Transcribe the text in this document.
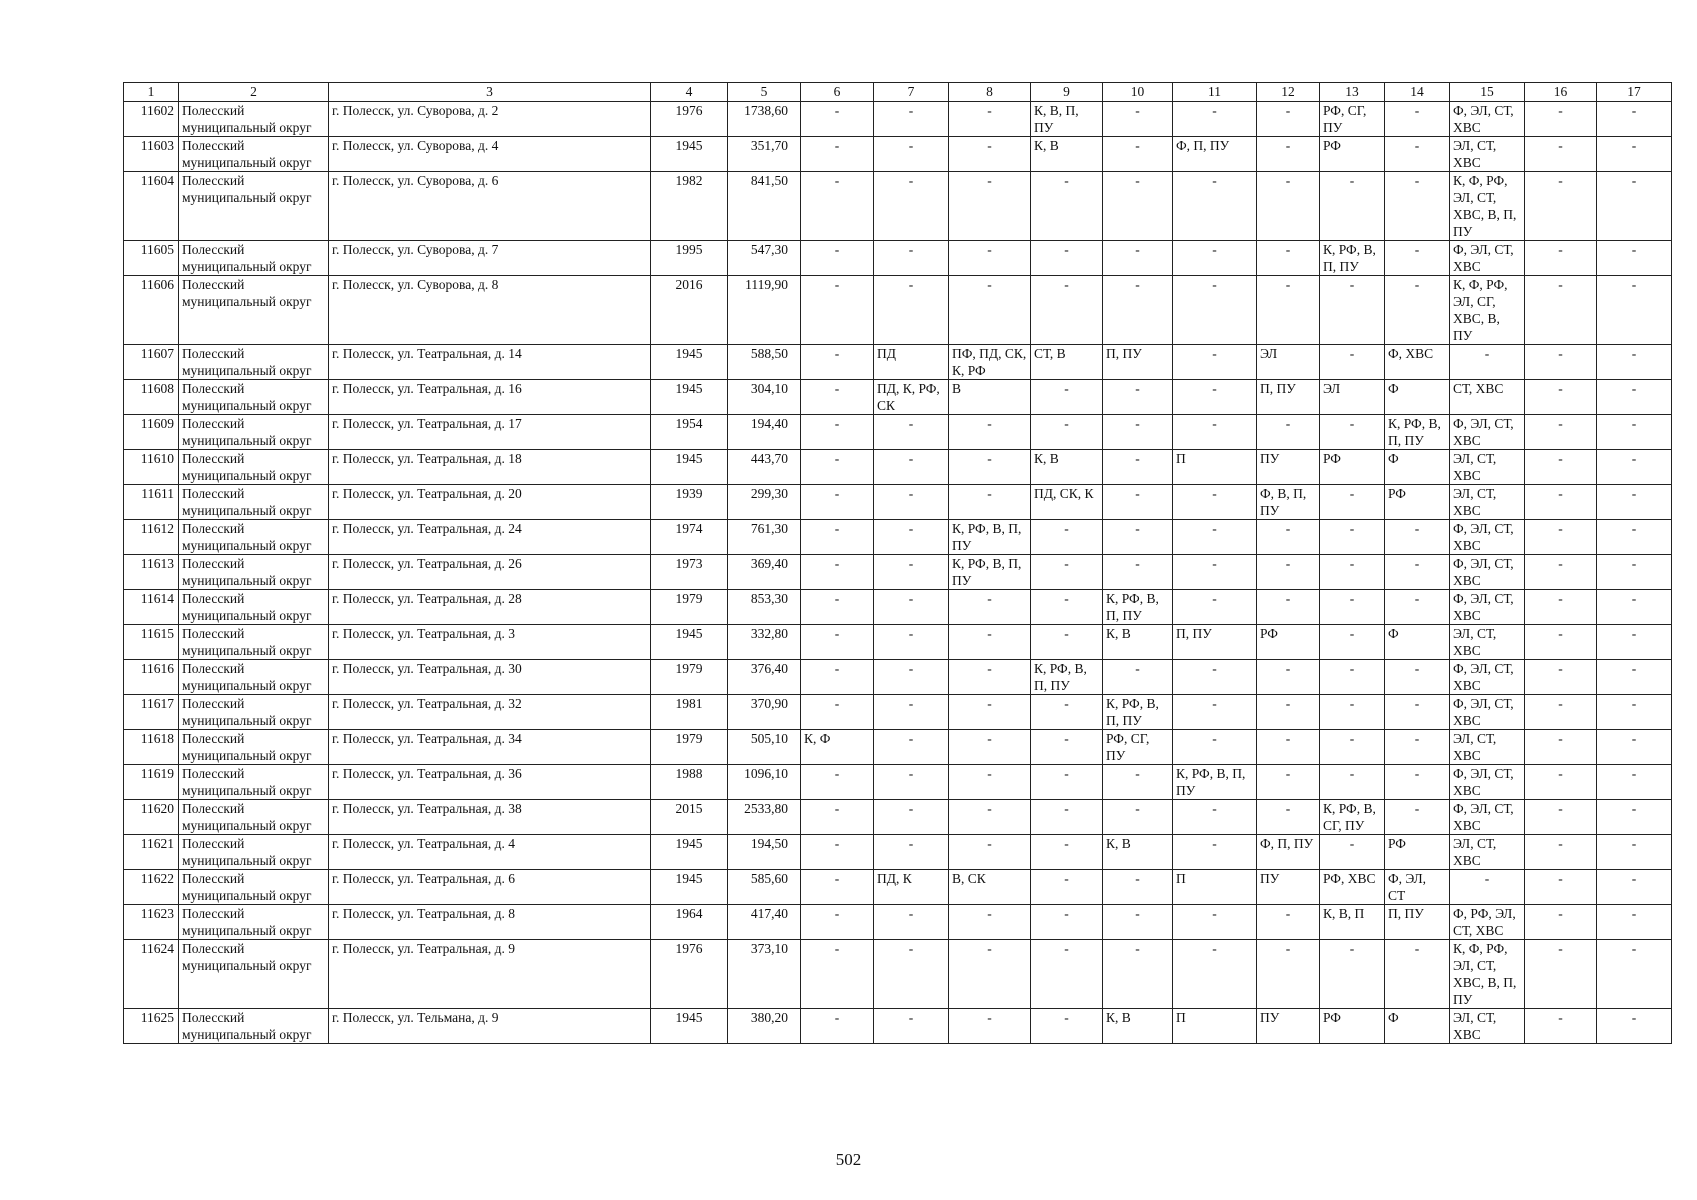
1	2	3	4	5	6	7	8	9	10	11	12	13	14	15	16	17
11602	Полесский муниципальный округ	г. Полесск, ул. Суворова, д. 2	1976	1738,60	-	-	-	К, В, П, ПУ	-	-	-	РФ, СГ, ПУ	-	Ф, ЭЛ, СТ, ХВС	-	-
11603	Полесский муниципальный округ	г. Полесск, ул. Суворова, д. 4	1945	351,70	-	-	-	К, В	-	Ф, П, ПУ	-	РФ	-	ЭЛ, СТ, ХВС	-	-
11604	Полесский муниципальный округ	г. Полесск, ул. Суворова, д. 6	1982	841,50	-	-	-	-	-	-	-	-	-	К, Ф, РФ, ЭЛ, СТ, ХВС, В, П, ПУ	-	-
11605	Полесский муниципальный округ	г. Полесск, ул. Суворова, д. 7	1995	547,30	-	-	-	-	-	-	-	К, РФ, В, П, ПУ	-	Ф, ЭЛ, СТ, ХВС	-	-
11606	Полесский муниципальный округ	г. Полесск, ул. Суворова, д. 8	2016	1119,90	-	-	-	-	-	-	-	-	-	К, Ф, РФ, ЭЛ, СГ, ХВС, В, ПУ	-	-
11607	Полесский муниципальный округ	г. Полесск, ул. Театральная, д. 14	1945	588,50	-	ПД	ПФ, ПД, СК, К, РФ	СТ, В	П, ПУ	-	ЭЛ	-	Ф, ХВС	-	-	-
11608	Полесский муниципальный округ	г. Полесск, ул. Театральная, д. 16	1945	304,10	-	ПД, К, РФ, СК	В	-	-	-	П, ПУ	ЭЛ	Ф	СТ, ХВС	-	-
11609	Полесский муниципальный округ	г. Полесск, ул. Театральная, д. 17	1954	194,40	-	-	-	-	-	-	-	-	К, РФ, В, П, ПУ	Ф, ЭЛ, СТ, ХВС	-	-
11610	Полесский муниципальный округ	г. Полесск, ул. Театральная, д. 18	1945	443,70	-	-	-	К, В	-	П	ПУ	РФ	Ф	ЭЛ, СТ, ХВС	-	-
11611	Полесский муниципальный округ	г. Полесск, ул. Театральная, д. 20	1939	299,30	-	-	-	ПД, СК, К	-	-	Ф, В, П, ПУ	-	РФ	ЭЛ, СТ, ХВС	-	-
11612	Полесский муниципальный округ	г. Полесск, ул. Театральная, д. 24	1974	761,30	-	-	К, РФ, В, П, ПУ	-	-	-	-	-	-	Ф, ЭЛ, СТ, ХВС	-	-
11613	Полесский муниципальный округ	г. Полесск, ул. Театральная, д. 26	1973	369,40	-	-	К, РФ, В, П, ПУ	-	-	-	-	-	-	Ф, ЭЛ, СТ, ХВС	-	-
11614	Полесский муниципальный округ	г. Полесск, ул. Театральная, д. 28	1979	853,30	-	-	-	-	К, РФ, В, П, ПУ	-	-	-	-	Ф, ЭЛ, СТ, ХВС	-	-
11615	Полесский муниципальный округ	г. Полесск, ул. Театральная, д. 3	1945	332,80	-	-	-	-	К, В	П, ПУ	РФ	-	Ф	ЭЛ, СТ, ХВС	-	-
11616	Полесский муниципальный округ	г. Полесск, ул. Театральная, д. 30	1979	376,40	-	-	-	К, РФ, В, П, ПУ	-	-	-	-	-	Ф, ЭЛ, СТ, ХВС	-	-
11617	Полесский муниципальный округ	г. Полесск, ул. Театральная, д. 32	1981	370,90	-	-	-	-	К, РФ, В, П, ПУ	-	-	-	-	Ф, ЭЛ, СТ, ХВС	-	-
11618	Полесский муниципальный округ	г. Полесск, ул. Театральная, д. 34	1979	505,10	К, Ф	-	-	-	РФ, СГ, ПУ	-	-	-	-	ЭЛ, СТ, ХВС	-	-
11619	Полесский муниципальный округ	г. Полесск, ул. Театральная, д. 36	1988	1096,10	-	-	-	-	-	К, РФ, В, П, ПУ	-	-	-	Ф, ЭЛ, СТ, ХВС	-	-
11620	Полесский муниципальный округ	г. Полесск, ул. Театральная, д. 38	2015	2533,80	-	-	-	-	-	-	-	К, РФ, В, СГ, ПУ	-	Ф, ЭЛ, СТ, ХВС	-	-
11621	Полесский муниципальный округ	г. Полесск, ул. Театральная, д. 4	1945	194,50	-	-	-	-	К, В	-	Ф, П, ПУ	-	РФ	ЭЛ, СТ, ХВС	-	-
11622	Полесский муниципальный округ	г. Полесск, ул. Театральная, д. 6	1945	585,60	-	ПД, К	В, СК	-	-	П	ПУ	РФ, ХВС	Ф, ЭЛ, СТ	-	-	-
11623	Полесский муниципальный округ	г. Полесск, ул. Театральная, д. 8	1964	417,40	-	-	-	-	-	-	-	К, В, П	П, ПУ	Ф, РФ, ЭЛ, СТ, ХВС	-	-
11624	Полесский муниципальный округ	г. Полесск, ул. Театральная, д. 9	1976	373,10	-	-	-	-	-	-	-	-	-	К, Ф, РФ, ЭЛ, СТ, ХВС, В, П, ПУ	-	-
11625	Полесский муниципальный округ	г. Полесск, ул. Тельмана, д. 9	1945	380,20	-	-	-	-	К, В	П	ПУ	РФ	Ф	ЭЛ, СТ, ХВС	-	-
502
